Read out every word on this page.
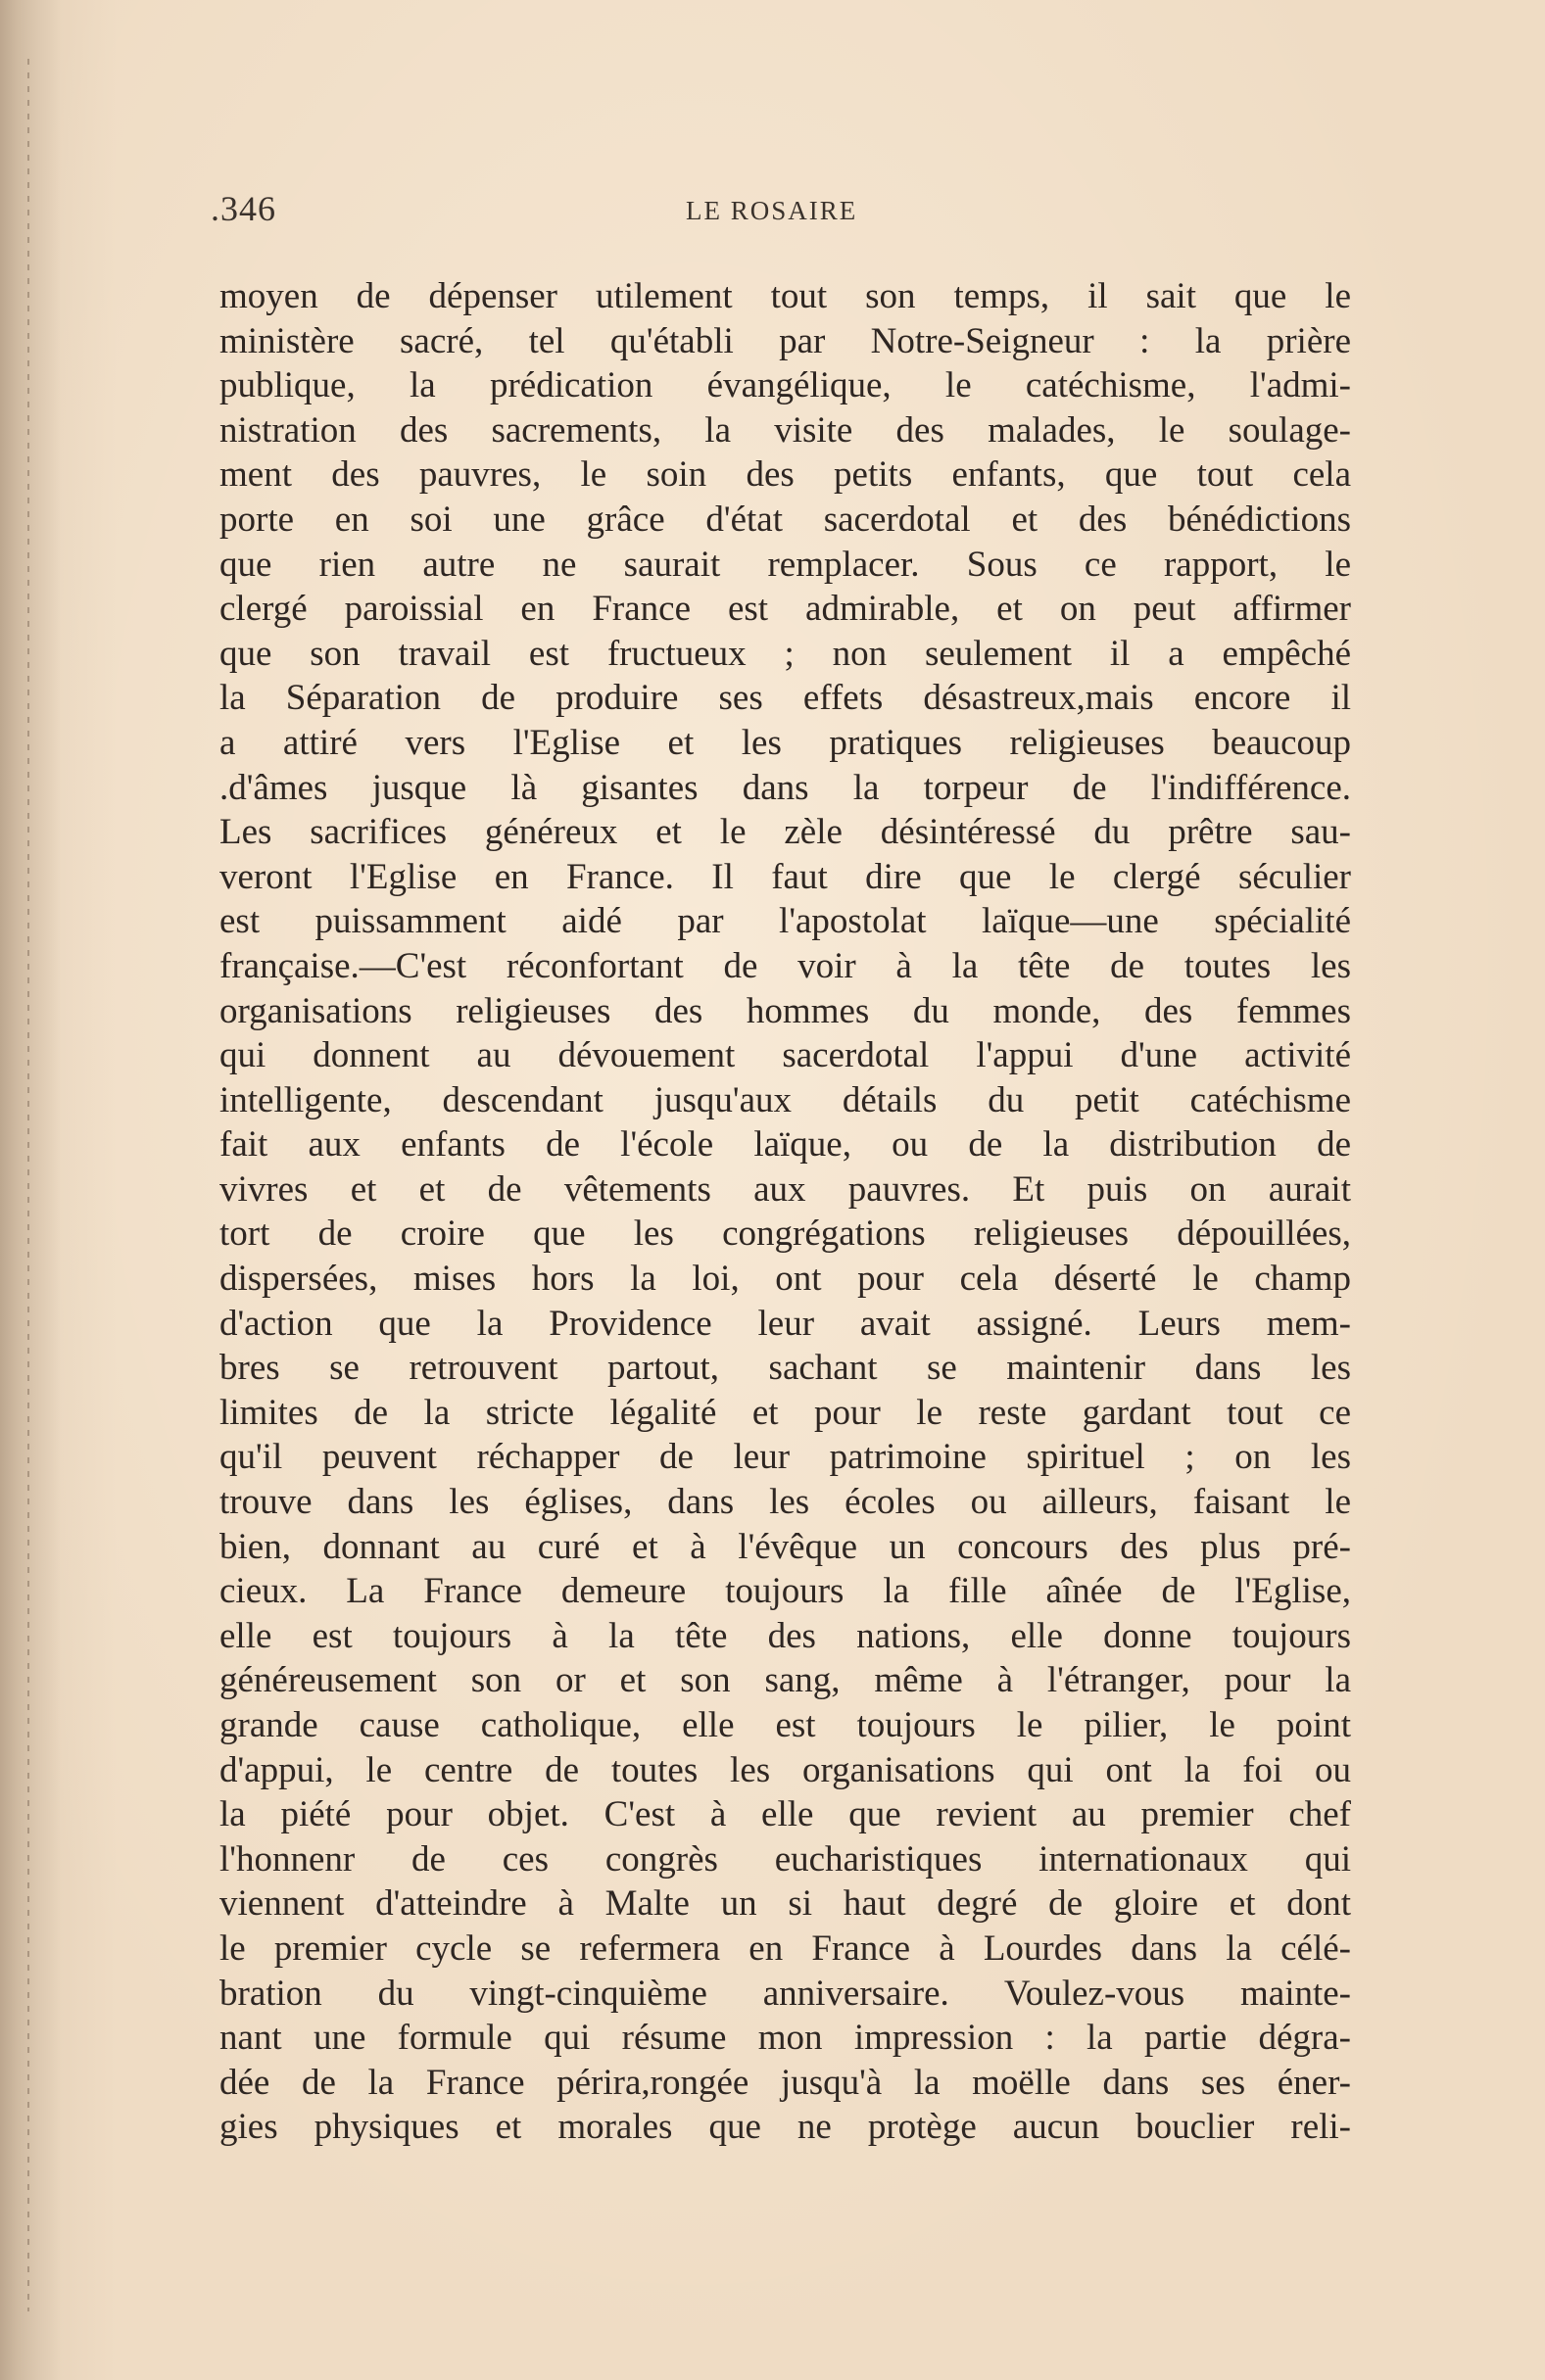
.346	LE ROSAIRE
moyen de dépenser utilement tout son temps, il sait que le
ministère sacré, tel qu'établi par Notre-Seigneur : la prière
publique, la prédication évangélique, le catéchisme, l'admi-
nistration des sacrements, la visite des malades, le soulage-
ment des pauvres, le soin des petits enfants, que tout cela
porte en soi une grâce d'état sacerdotal et des bénédictions
que rien autre ne saurait remplacer. Sous ce rapport, le
clergé paroissial en France est admirable, et on peut affirmer
que son travail est fructueux ; non seulement il a empêché
la Séparation de produire ses effets désastreux,mais encore il
a attiré vers l'Eglise et les pratiques religieuses beaucoup
.d'âmes jusque là gisantes dans la torpeur de l'indifférence.
Les sacrifices généreux et le zèle désintéressé du prêtre sau-
veront l'Eglise en France. Il faut dire que le clergé séculier
est puissamment aidé par l'apostolat laïque—une spécialité
française.—C'est réconfortant de voir à la tête de toutes les
organisations religieuses des hommes du monde, des femmes
qui donnent au dévouement sacerdotal l'appui d'une activité
intelligente, descendant jusqu'aux détails du petit catéchisme
fait aux enfants de l'école laïque, ou de la distribution de
vivres et et de vêtements aux pauvres. Et puis on aurait
tort de croire que les congrégations religieuses dépouillées,
dispersées, mises hors la loi, ont pour cela déserté le champ
d'action que la Providence leur avait assigné. Leurs mem-
bres se retrouvent partout, sachant se maintenir dans les
limites de la stricte légalité et pour le reste gardant tout ce
qu'il peuvent réchapper de leur patrimoine spirituel ; on les
trouve dans les églises, dans les écoles ou ailleurs, faisant le
bien, donnant au curé et à l'évêque un concours des plus pré-
cieux. La France demeure toujours la fille aînée de l'Eglise,
elle est toujours à la tête des nations, elle donne toujours
généreusement son or et son sang, même à l'étranger, pour la
grande cause catholique, elle est toujours le pilier, le point
d'appui, le centre de toutes les organisations qui ont la foi ou
la piété pour objet. C'est à elle que revient au premier chef
l'honnenr de ces congrès eucharistiques internationaux qui
viennent d'atteindre à Malte un si haut degré de gloire et dont
le premier cycle se refermera en France à Lourdes dans la célé-
bration du vingt-cinquième anniversaire. Voulez-vous mainte-
nant une formule qui résume mon impression : la partie dégra-
dée de la France périra,rongée jusqu'à la moëlle dans ses éner-
gies physiques et morales que ne protège aucun bouclier reli-
